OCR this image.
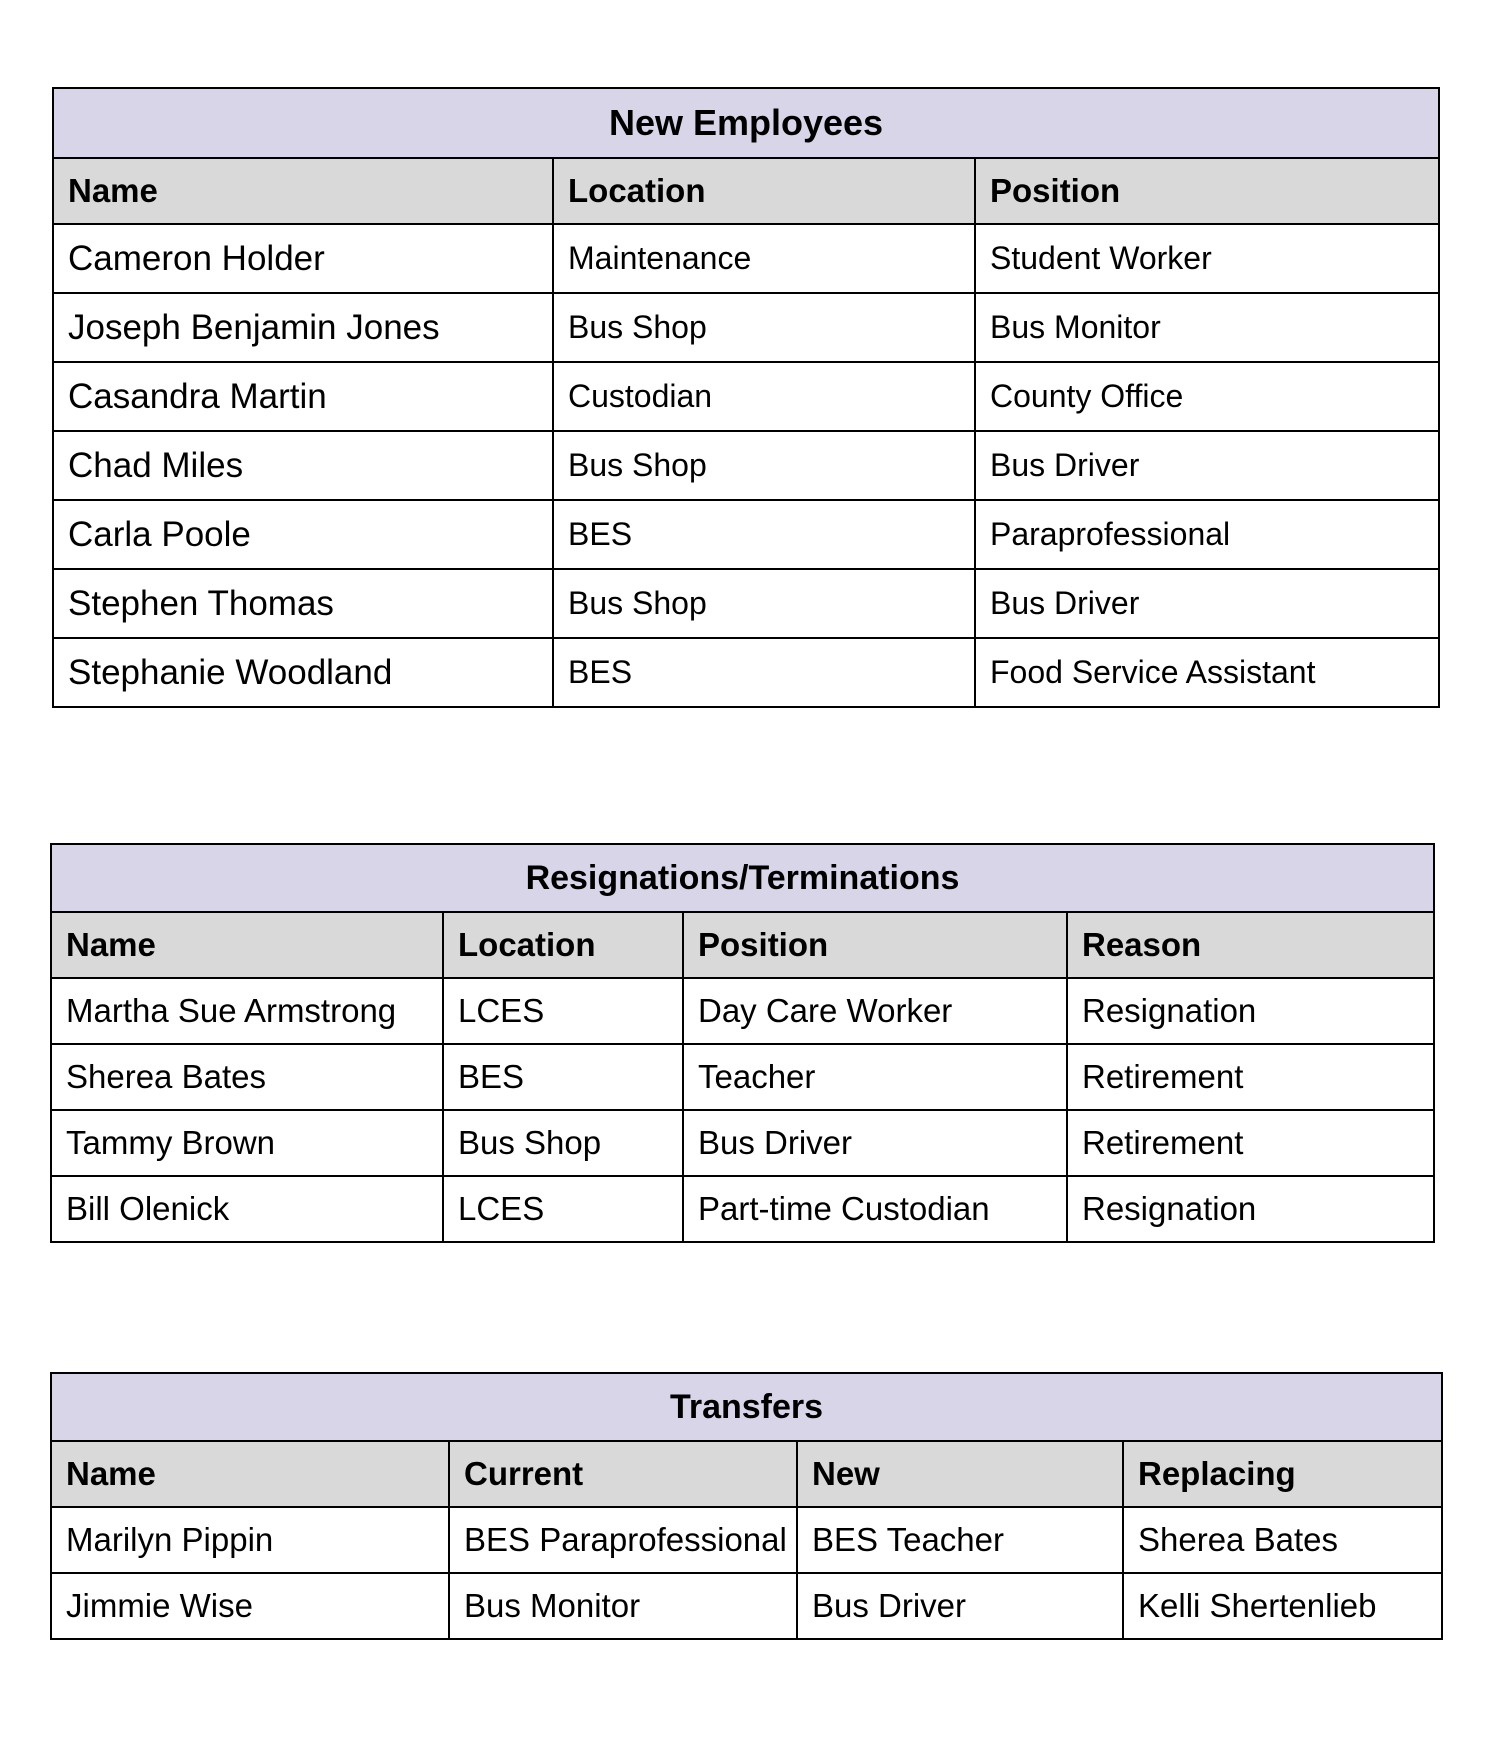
New Employees		
Name	Location	Position
Cameron Holder	Maintenance	Student Worker
Joseph Benjamin Jones	Bus Shop	Bus Monitor
Casandra Martin	Custodian	County Office
Chad Miles	Bus Shop	Bus Driver
Carla Poole	BES	Paraprofessional
Stephen Thomas	Bus Shop	Bus Driver
Stephanie Woodland	BES	Food Service Assistant
Resignations/Terminations			
Name	Location	Position	Reason
Martha Sue Armstrong	LCES	Day Care Worker	Resignation
Sherea Bates	BES	Teacher	Retirement
Tammy Brown	Bus Shop	Bus Driver	Retirement
Bill Olenick	LCES	Part-time Custodian	Resignation
Transfers			
Name	Current	New	Replacing
Marilyn Pippin	BES Paraprofessional	BES Teacher	Sherea Bates
Jimmie Wise	Bus Monitor	Bus Driver	Kelli Shertenlieb
